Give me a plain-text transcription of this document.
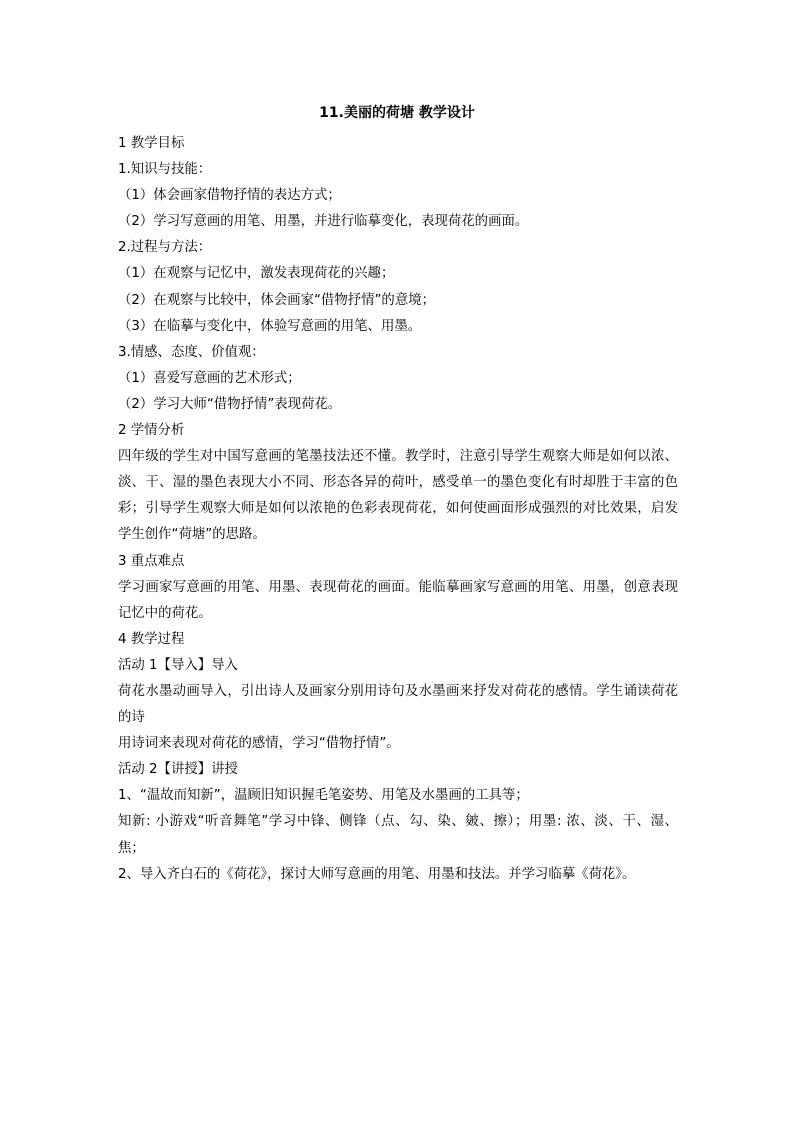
11.美丽的荷塘 教学设计

1 教学目标

1.知识与技能：

（1）体会画家借物抒情的表达方式；

（2）学习写意画的用笔、用墨，并进行临摹变化，表现荷花的画面。

2.过程与方法：

（1）在观察与记忆中，激发表现荷花的兴趣；

（2）在观察与比较中，体会画家“借物抒情”的意境；

（3）在临摹与变化中，体验写意画的用笔、用墨。

3.情感、态度、价值观：

（1）喜爱写意画的艺术形式；

（2）学习大师“借物抒情”表现荷花。

2 学情分析

四年级的学生对中国写意画的笔墨技法还不懂。教学时，注意引导学生观察大师是如何以浓、淡、干、湿的墨色表现大小不同、形态各异的荷叶，感受单一的墨色变化有时却胜于丰富的色彩；引导学生观察大师是如何以浓艳的色彩表现荷花，如何使画面形成强烈的对比效果，启发学生创作“荷塘”的思路。

3 重点难点

学习画家写意画的用笔、用墨、表现荷花的画面。能临摹画家写意画的用笔、用墨，创意表现记忆中的荷花。

4 教学过程

活动 1【导入】导入

荷花水墨动画导入，引出诗人及画家分别用诗句及水墨画来抒发对荷花的感情。学生诵读荷花的诗

用诗词来表现对荷花的感情，学习“借物抒情”。

活动 2【讲授】讲授

1、“温故而知新”，温顾旧知识握毛笔姿势、用笔及水墨画的工具等；

知新: 小游戏“听音舞笔”学习中锋、侧锋（点、勾、染、皴、擦）；用墨: 浓、淡、干、湿、焦；

2、导入齐白石的《荷花》，探讨大师写意画的用笔、用墨和技法。并学习临摹《荷花》。
